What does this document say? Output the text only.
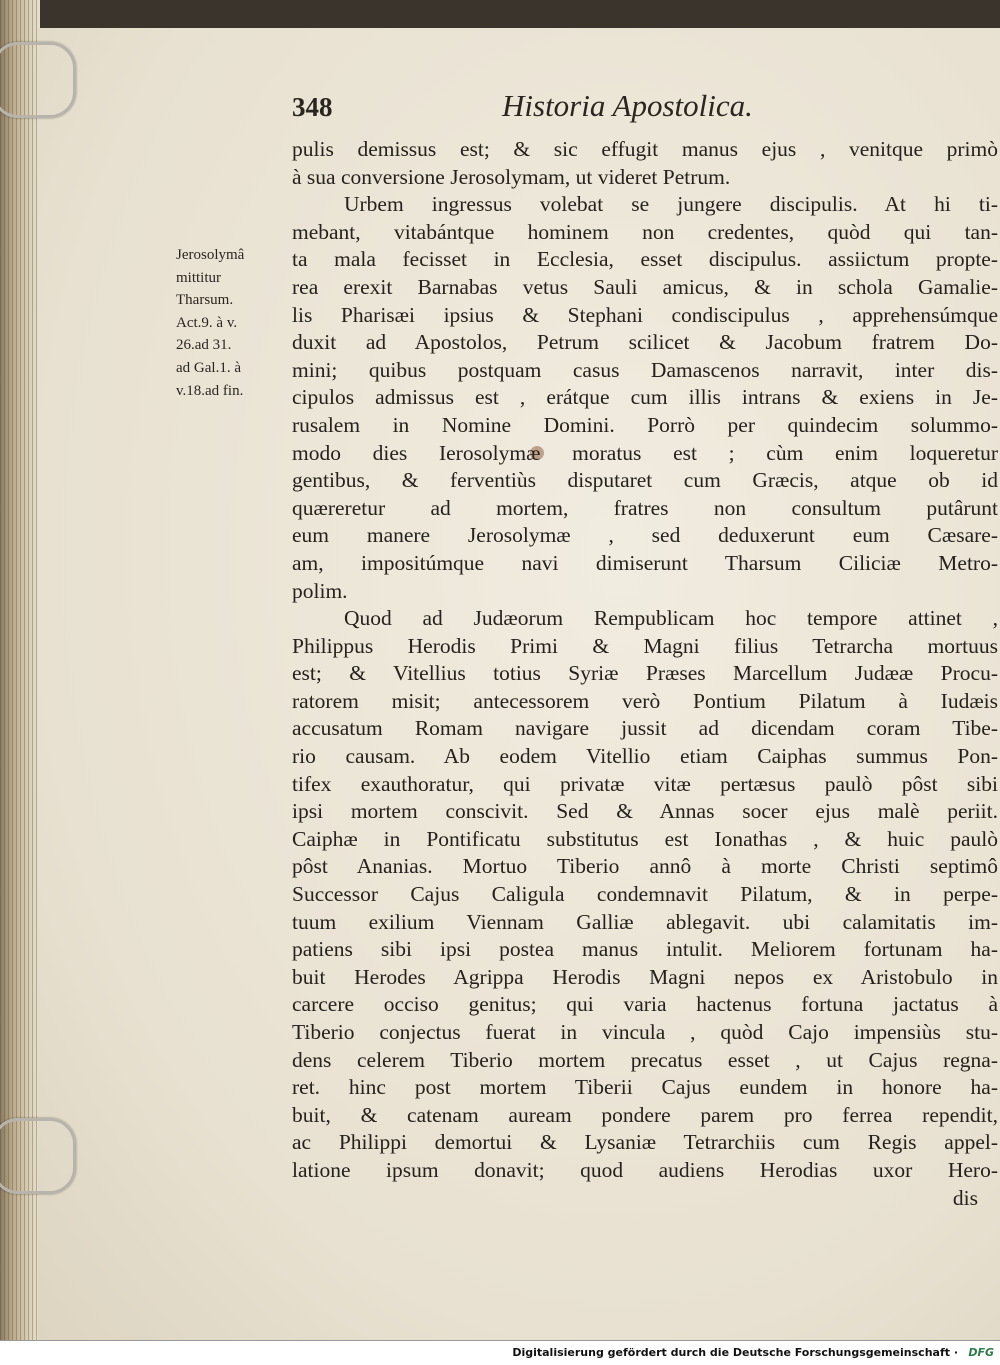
348	Historia Apostolica.
Jerosolymâ
mittitur
Tharsum.
Act.9. à v.
26.ad 31.
ad Gal.1. à
v.18.ad fin.
pulis demissus est; & sic effugit manus ejus , venitque primò
à sua conversione Jerosolymam, ut videret Petrum.
Urbem ingressus volebat se jungere discipulis. At hi ti-
mebant, vitabántque hominem non credentes, quòd qui tan-
ta mala fecisset in Ecclesia, esset discipulus. assiictum propte-
rea erexit Barnabas vetus Sauli amicus, & in schola Gamalie-
lis Pharisæi ipsius & Stephani condiscipulus , apprehensúmque
duxit ad Apostolos, Petrum scilicet & Jacobum fratrem Do-
mini; quibus postquam casus Damascenos narravit, inter dis-
cipulos admissus est , erátque cum illis intrans & exiens in Je-
rusalem in Nomine Domini. Porrò per quindecim solummo-
modo dies Ierosolymæ moratus est ; cùm enim loqueretur
gentibus, & ferventiùs disputaret cum Græcis, atque ob id
quæreretur ad mortem, fratres non consultum putârunt
eum manere Jerosolymæ , sed deduxerunt eum Cæsare-
am, impositúmque navi dimiserunt Tharsum Ciliciæ Metro-
polim.
Quod ad Judæorum Rempublicam hoc tempore attinet ,
Philippus Herodis Primi & Magni filius Tetrarcha mortuus
est; & Vitellius totius Syriæ Præses Marcellum Judææ Procu-
ratorem misit; antecessorem verò Pontium Pilatum à Iudæis
accusatum Romam navigare jussit ad dicendam coram Tibe-
rio causam. Ab eodem Vitellio etiam Caiphas summus Pon-
tifex exauthoratur, qui privatæ vitæ pertæsus paulò pôst sibi
ipsi mortem conscivit. Sed & Annas socer ejus malè periit.
Caiphæ in Pontificatu substitutus est Ionathas , & huic paulò
pôst Ananias. Mortuo Tiberio annô à morte Christi septimô
Successor Cajus Caligula condemnavit Pilatum, & in perpe-
tuum exilium Viennam Galliæ ablegavit. ubi calamitatis im-
patiens sibi ipsi postea manus intulit. Meliorem fortunam ha-
buit Herodes Agrippa Herodis Magni nepos ex Aristobulo in
carcere occiso genitus; qui varia hactenus fortuna jactatus à
Tiberio conjectus fuerat in vincula , quòd Cajo impensiùs stu-
dens celerem Tiberio mortem precatus esset , ut Cajus regna-
ret. hinc post mortem Tiberii Cajus eundem in honore ha-
buit, & catenam auream pondere parem pro ferrea rependit,
ac Philippi demortui & Lysaniæ Tetrarchiis cum Regis appel-
latione ipsum donavit; quod audiens Herodias uxor Hero-
dis
Digitalisierung gefördert durch die Deutsche Forschungsgemeinschaft · DFG
